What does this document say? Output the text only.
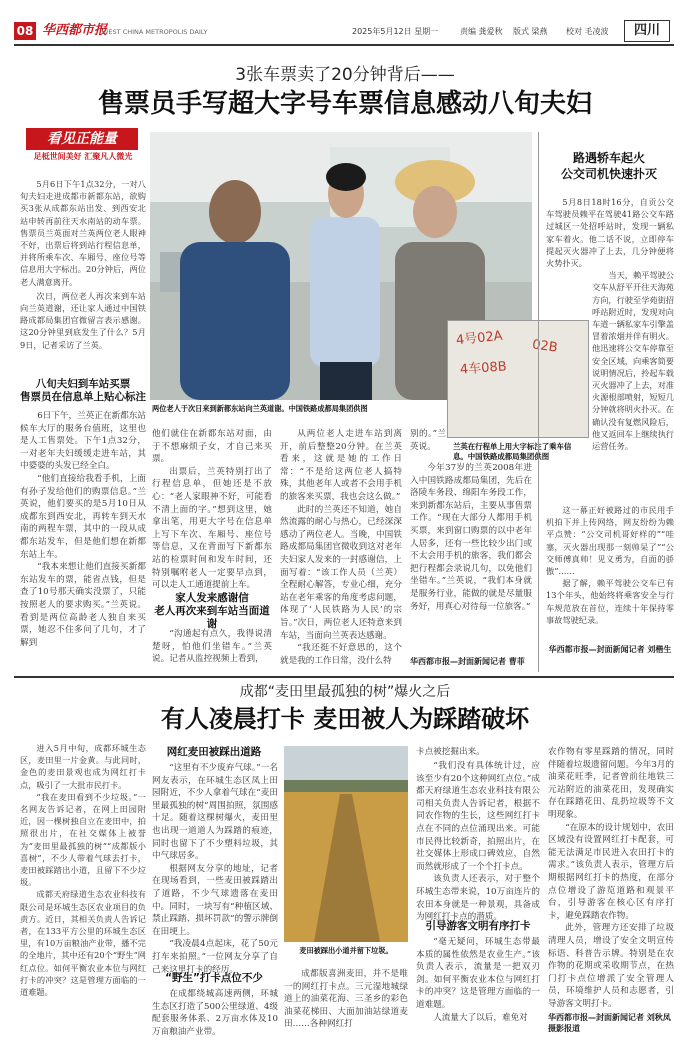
08 华西都市报
WEST CHINA METROPOLIS DAILY	2025年5月12日 星期一	责编 龚爱秋 版式 梁燕 校对 毛凌波	四川
3张车票卖了20分钟背后——
售票员手写超大字号车票信息感动八旬夫妇
看见正能量
足柢世间美好 汇聚凡人微光

5月6日下午1点32分，一对八旬夫妇走进成都市新都东站，欲购买3张从成都东站出发、到西安北站申转再前往天水南站的动车票。售票员兰英面对兰英两位老人眼神不好，出票后将到站行程信息单，并将所乘车次、车厢号、座位号等信息用大字标出。20分钟后，两位老人满意离开。

次日，两位老人再次来到车站向兰英道谢，还让家人通过中国铁路成都局集团官微留言表示感谢。这20分钟里到底发生了什么？5月9日，记者采访了兰英。

两位老人于次日来到新都东站向兰英道谢。中国铁路成都局集团供图
4号02A
4车08B
02B
兰英在行程单上用大字标注了乘车信息。中国铁路成都局集团供图
八旬夫妇到车站买票
售票员在信息单上贴心标注

6日下午，兰英正在新都东站候车大厅的服务台值班，这里也是人工售票处。下午1点32分，一对老年夫妇缓缓走进车站，其中婆婆的头发已经全白。

“他们直接给我看手机，上面有孙子发给他们的购票信息。”兰英说，他们要买的是5月10日从成都东到西安北，再转车到天水南的两程车票，其中的一段从成都东站发车，但是他们想在新都东站上车。

“我本来想让他们直接买新都东站发车的票，能省点钱，但是查了10号那天确实没票了，只能按照老人的要求购买。”兰英说。看到是两位高龄老人独自来买票，她忍不住多问了几句，才了解到

他们就住在新都东站对面，由于不想麻烦子女，才自己来买票。

出票后，兰英特别打出了行程信息单，但她还是不放心：“老人家眼神不好，可能看不清上面的字。”想到这里，她拿出笔，用更大字号在信息单上写下车次、车厢号、座位号等信息，又在背面写下新都东站的检票时间和发车时间，还特别嘱咐老人一定要早点到，可以走人工通道提前上车。

家人发来感谢信
老人再次来到车站当面道谢

“沟通起有点久，我得说清楚呀，怕他们坐错车。”兰英说。记者从监控视频上看到，

从两位老人走进车站到离开，前后整整20分钟。在兰英看来，这就是她的工作日常：“不是给这两位老人搞特殊，其他老年人或者不会用手机的旅客来买票，我也会这么做。”

此时的兰英还不知道，她自然流露的耐心与热心，已经深深感动了两位老人。当晚，中国铁路成都局集团官微收到这对老年夫妇家人发来的一封感谢信，上面写着：“该工作人员（兰英）全程耐心解答，专业心细，充分站在老年乘客的角度考虑问题，体现了‘人民铁路为人民’的宗旨。”次日，两位老人还特意来到车站，当面向兰英表达感谢。

“我还挺不好意思的，这个就是我的工作日常，没什么特

别的。”兰英说。

今年37岁的兰英2008年进入中国铁路成都局集团，先后在洛陵车务段、绵阳车务段工作，来到新都东站后，主要从事售票工作。“现在大部分人都用手机买票，来到窗口购票的以中老年人居多，还有一些比较少出门或不太会用手机的旅客，我们都会把行程都会录说几句，以免他们坐错车。”兰英说，“我们本身就是服务行业，能做的就是尽量服务好，用真心对待每一位旅客。”

华西都市报—封面新闻记者 曹菲
路遇轿车起火
公交司机快速扑灭

5月8日18时16分，自贡公交车驾驶员赖平在驾驶41路公交车路过城区一处招呼站时，发现一辆私家车着火。他二话不说，立即停车提起灭火器冲了上去，几分钟便将火势扑灭。

当天，赖平驾驶公交车从舒平开往天海苑方向，行驶至学苑街招呼站附近时，发现对向车道一辆私家车引擎盖冒着浓烟并伴有明火。他迅速将公交车停靠至安全区域，向乘客简要说明情况后，拎起车载灭火器冲了上去，对准火源根部喷射，短短几分钟就将明火扑灭。在确认没有复燃风险后，他又返回车上继续执行运营任务。

这一幕正好被路过的市民用手机拍下并上传网络，网友纷纷为赖平点赞：“公交司机哥好样的”“哇塞，灭火器出现那一刻帅呆了”“公交师傅真帅！见义勇为，自面的骄傲”……

据了解，赖平驾驶公交车已有13个年头，他始终将乘客安全与行车规范放在首位，连续十年保持零事故驾驶纪录。

华西都市报—封面新闻记者 刘楷生
成都“麦田里最孤独的树”爆火之后
有人凌晨打卡 麦田被人为踩踏破坏

进入5月中旬，成都环城生态区，麦田里一片金黄。与此同时，金色的麦田景观也成为网红打卡点，吸引了一大批市民打卡。

“我在麦田看到不少垃圾。”一名网友告诉记者，在网上田园附近，因一棵树独自立在麦田中，拍照很出片，在社交媒体上被誉为“麦田里最孤独的树”“成都版小喜树”，不少人带着气球去打卡，麦田被踩踏出小道，且留下不少垃圾。

成都天府绿道生态农业科技有限公司是环城生态区农业项目的负责方。近日，其相关负责人告诉记者，在133平方公里的环城生态区里，有10万亩粮油产业带，播不完的全地片，其中还有20个“野生”网红点位。如何平衡农业本位与网红打卡的冲突？这是管理方面临的一道难题。

网红麦田被踩出道路

“这里有不少废弃气球。”一名网友表示，在环城生态区凤上田园附近，不少人拿着气球在“麦田里最孤独的树”周围拍照，氛围感十足。随着这棵树爆火，麦田里也出现一道道人为踩踏的痕迹，同时也留下了不少塑料垃圾，其中气球居多。

根据网友分享的地址，记者在现场看到，一些麦田被踩踏出了道路，不少气球遗落在麦田中。同时，一块写有“种植区域、禁止踩踏、损坏罚款”的警示牌倒在田埂上。

“我凌晨4点起床，花了50元打车来拍照。”一位网友分享了自己来这里打卡的经历。

“野生”打卡点位不少

在成都绕城高速两侧，环城生态区打造了500公里绿道、4级配套服务体系、2万亩水体及10万亩粮油产业带。

麦田被踩出小道并留下垃圾。

成都版喜洲麦田，并不是唯一的网红打卡点。三元湿地城绿道上的油菜花海、三圣乡的彩色油菜花梯田、大面加油站绿道麦田……各种网红打

卡点被挖掘出来。

“我们没有具体统计过，应该至少有20个这种网红点位。”成都天府绿道生态农业科技有限公司相关负责人告诉记者，根据不同农作物的生长，这些网红打卡点在不同的点位涌现出来。可能市民得比较新奇，拍照出片，在社交媒体上形成口碑效应，自然而然就形成了一个个打卡点。

该负责人还表示，对于整个环城生态带来说，10万亩连片的农田本身就是一种景观，具备成为网红打卡点的潜质。

引导游客文明有序打卡

“毫无疑问，环城生态带最本质的属性依然是农业生产。”该负责人表示，流量是一把双刃剑。如何平衡农业本位与网红打卡的冲突？这是管理方面临的一道难题。

人流量大了以后，难免对

农作物有零星踩踏的情况，同时伴随着垃圾遗留问题。今年3月的油菜花旺季，记者曾前往地铁三元站附近的油菜花田，发现确实存在踩踏花田、乱扔垃圾等不文明现象。

“在原本的设计规划中，农田区域没有设置网红打卡配套，可能无法满足市民进入农田打卡的需求。”该负责人表示，管理方后期根据网红打卡的热度，在部分点位增设了游览道路和观景平台，引导游客在核心区有序打卡，避免踩踏农作物。

此外，管理方还安排了垃圾清理人员，增设了安全文明宣传标语、科普告示牌。特别是在农作物的花期或采收期节点，在热门打卡点位增派了安全管理人员，环境维护人员和志愿者，引导游客文明打卡。

华西都市报—封面新闻记者 刘秋凤 摄影报道
